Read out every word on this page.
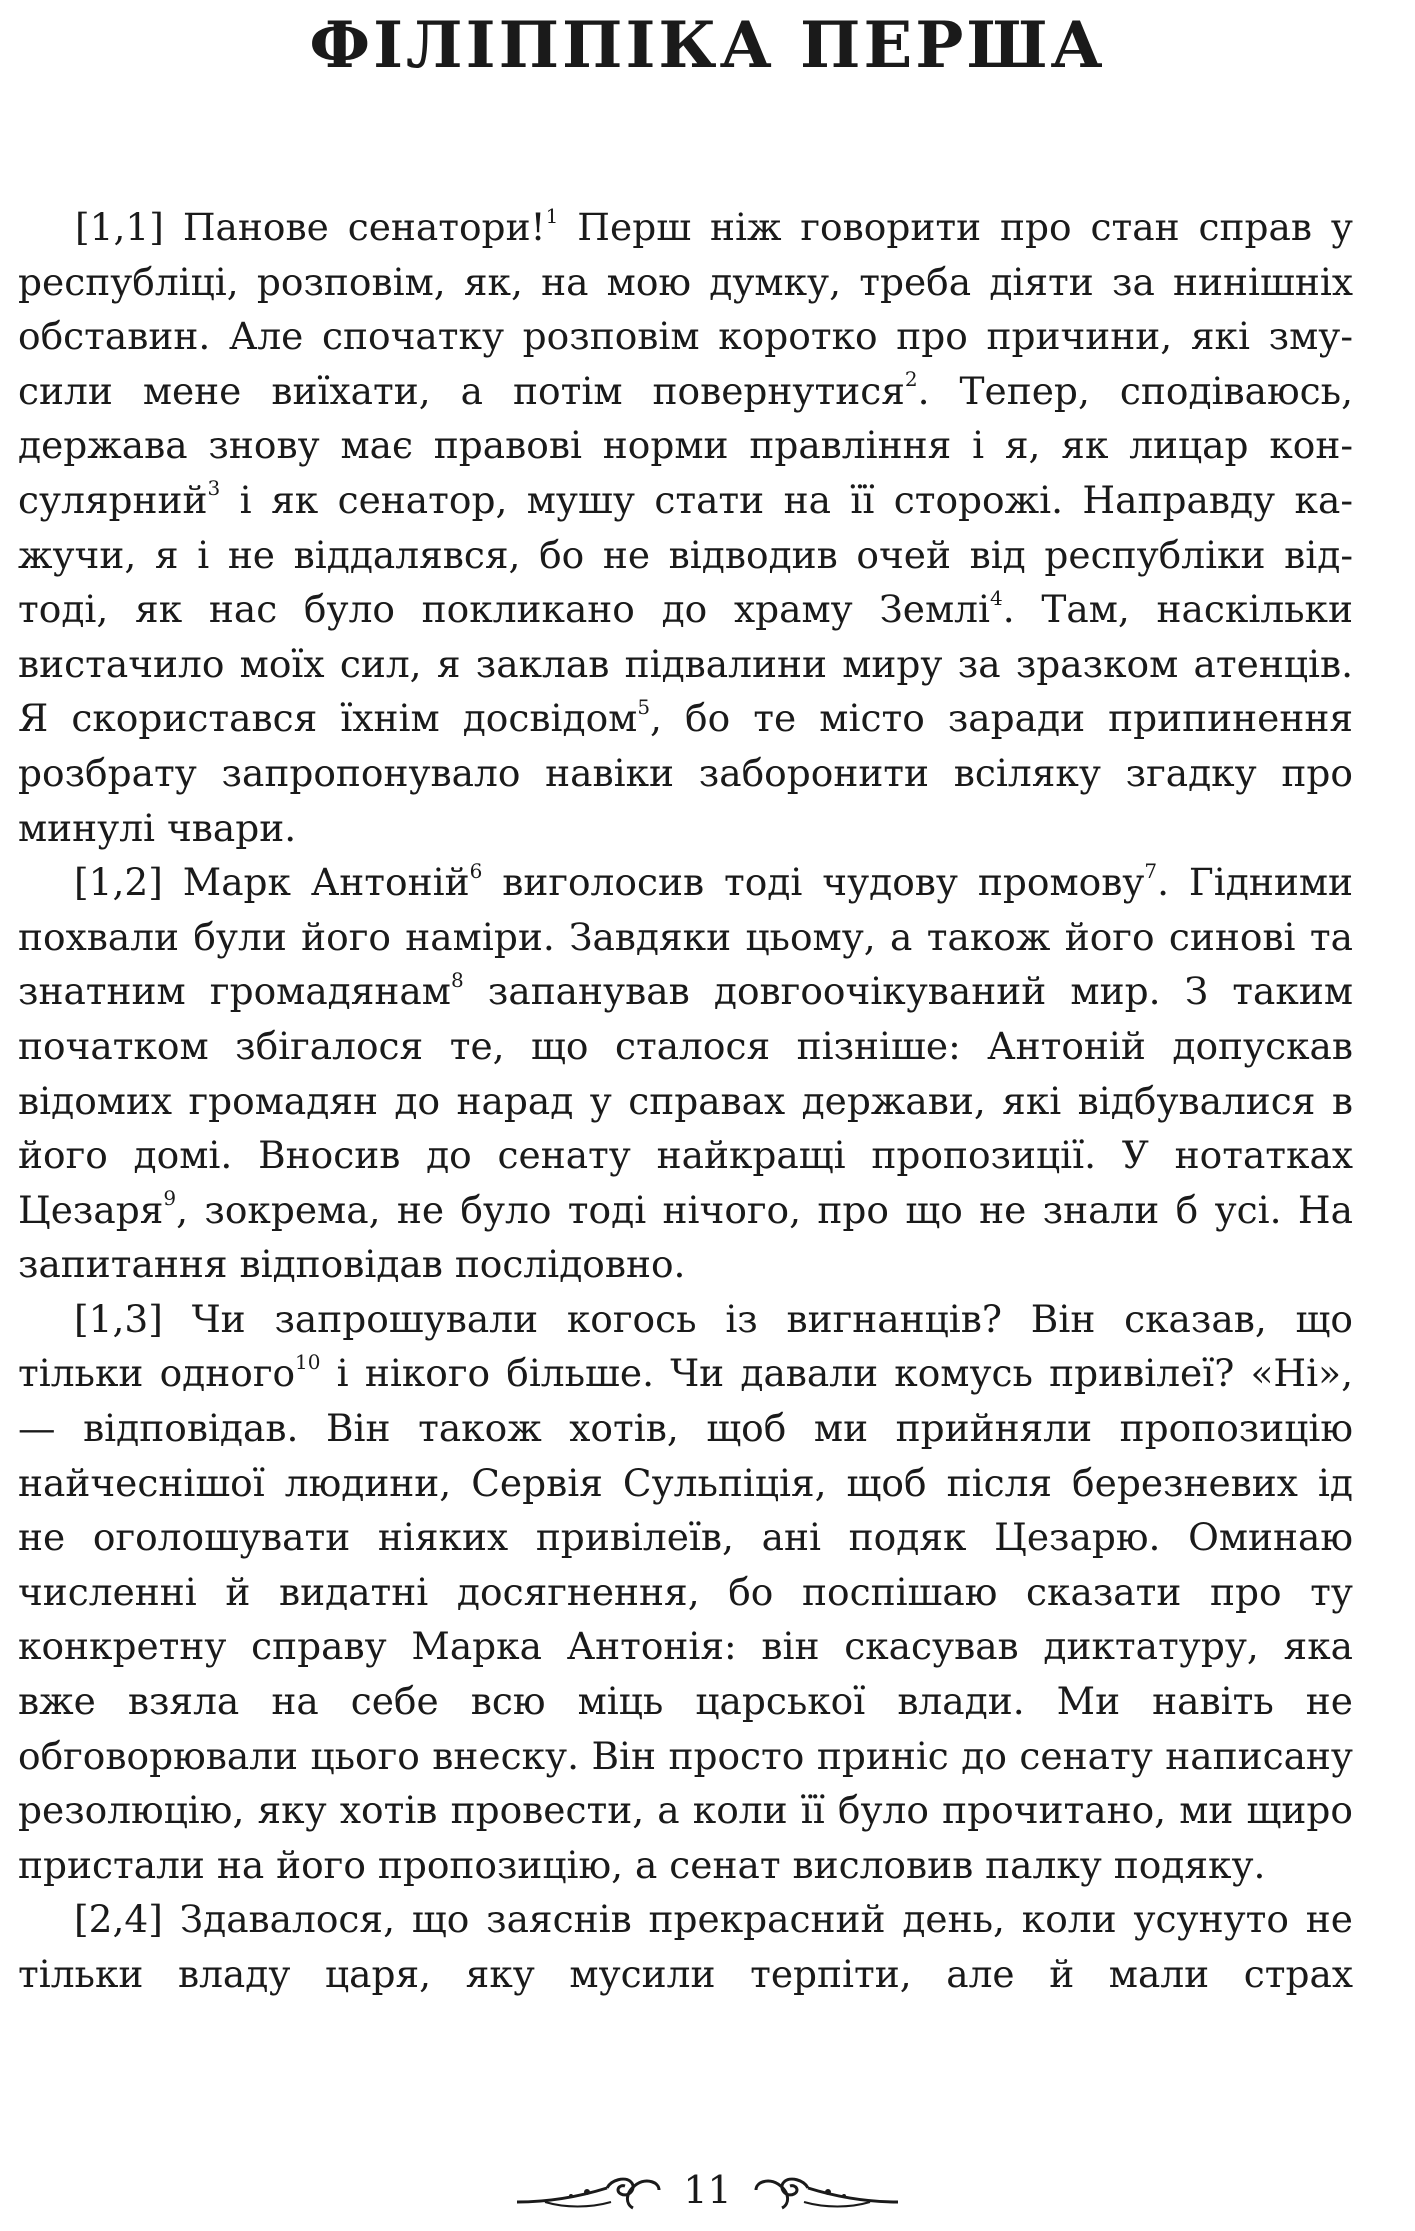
ФІЛІППІКА ПЕРША

[1,1] Панове сенатори!$^1$ Перш ніж говорити про стан справ у республіці, розповім, як, на мою думку, треба діяти за нинішніх обставин. Але спочатку розповім коротко про причини, які змусили мене виїхати, а потім повернутися$^2$. Тепер, сподіваюсь, держава знову має правові норми правління і я, як лицар консулярний$^3$ і як сенатор, мушу стати на її сторожі. Направду кажучи, я і не віддалявся, бо не відводив очей від республіки відтоді, як нас було покликано до храму Землі$^4$. Там, наскільки вистачило моїх сил, я заклав підвалини миру за зразком атенців. Я скористався їхнім досвідом$^5$, бо те місто заради припинення розбрату запропонувало навіки заборонити всіляку згадку про минулі чвари.

[1,2] Марк Антоній$^6$ виголосив тоді чудову промову$^7$. Гідними похвали були його наміри. Завдяки цьому, а також його синові та знатним громадянам$^8$ запанував довгоочікуваний мир. З таким початком збігалося те, що сталося пізніше: Антоній допускав відомих громадян до нарад у справах держави, які відбувалися в його домі. Вносив до сенату найкращі пропозиції. У нотатках Цезаря$^9$, зокрема, не було тоді нічого, про що не знали б усі. На запитання відповідав послідовно.

[1,3] Чи запрошували когось із вигнанців? Він сказав, що тільки одного$^{10}$ і нікого більше. Чи давали комусь привілеї? «Ні», — відповідав. Він також хотів, щоб ми прийняли пропозицію найчеснішої людини, Сервія Сульпіція, щоб після березневих ід не оголошувати ніяких привілеїв, ані подяк Цезарю. Оминаю численні й видатні досягнення, бо поспішаю сказати про ту конкретну справу Марка Антонія: він скасував диктатуру, яка вже взяла на себе всю міць царської влади. Ми навіть не обговорювали цього внеску. Він просто приніс до сенату написану резолюцію, яку хотів провести, а коли її було прочитано, ми щиро пристали на його пропозицію, а сенат висловив палку подяку.

[2,4] Здавалося, що заяснів прекрасний день, коли усунуто не тільки владу царя, яку мусили терпіти, але й мали страх

11
